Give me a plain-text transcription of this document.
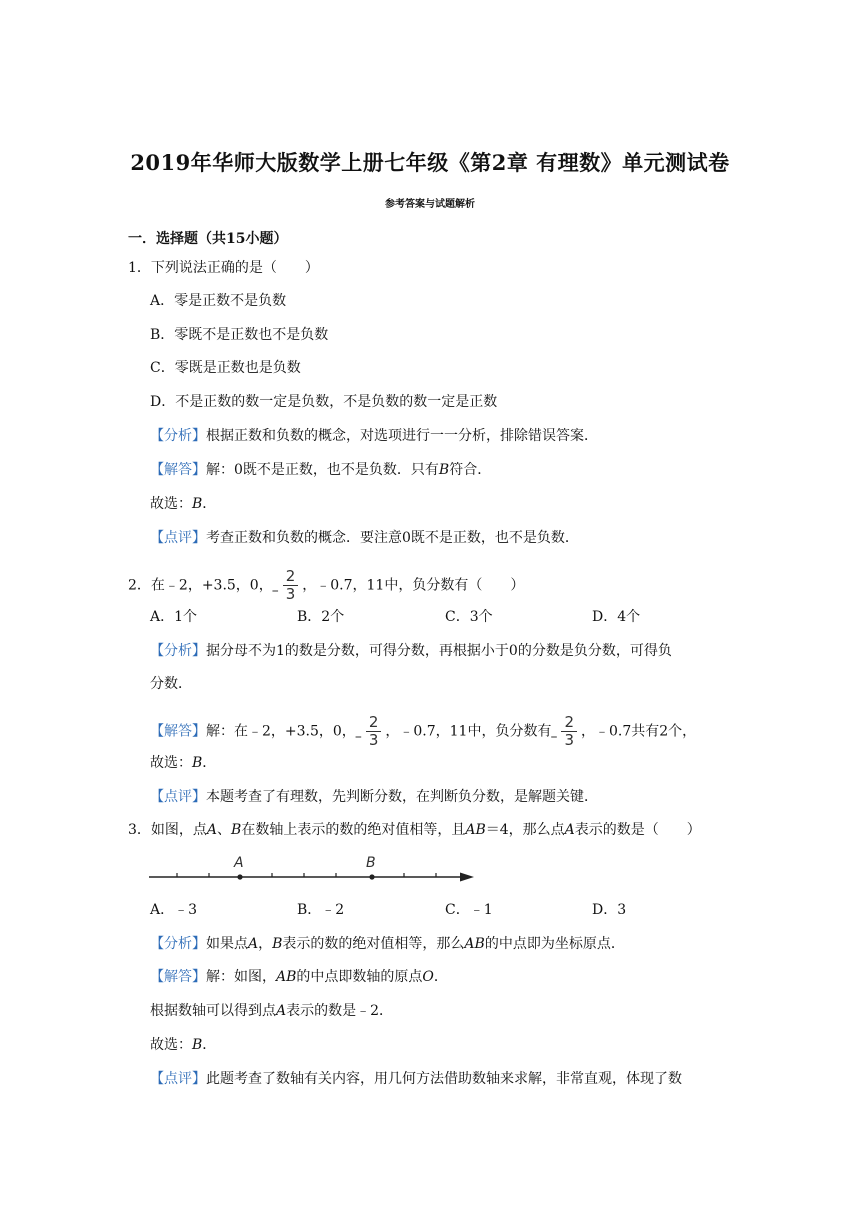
2019年华师大版数学上册七年级《第2章 有理数》单元测试卷
参考答案与试题解析
一．选择题（共15小题）
1．下列说法正确的是（　　）
A．零是正数不是负数
B．零既不是正数也不是负数
C．零既是正数也是负数
D．不是正数的数一定是负数，不是负数的数一定是正数
【分析】根据正数和负数的概念，对选项进行一一分析，排除错误答案．
【解答】解：0既不是正数，也不是负数．只有B符合．
故选：B．
【点评】考查正数和负数的概念．要注意0既不是正数，也不是负数．
2．在﹣2，+3.5，0， –
2
3 ，﹣0.7，11中，负分数有（　　）
A．1个	B．2个	C．3个	D．4个
【分析】据分母不为1的数是分数，可得分数，再根据小于0的分数是负分数，可得负
分数．
【解答】解：在﹣2，+3.5，0， –
2
3 ，﹣0.7，11中，负分数有 –
2
3 ，﹣0.7共有2个，
故选：B．
【点评】本题考查了有理数，先判断分数，在判断负分数，是解题关键．
3．如图，点A、B在数轴上表示的数的绝对值相等，且AB＝4，那么点A表示的数是（　　）
A	B
A．﹣3	B．﹣2	C．﹣1	D．3
【分析】如果点A，B表示的数的绝对值相等，那么AB的中点即为坐标原点．
【解答】解：如图，AB的中点即数轴的原点O．
根据数轴可以得到点A表示的数是﹣2．
故选：B．
【点评】此题考查了数轴有关内容，用几何方法借助数轴来求解，非常直观，体现了数
